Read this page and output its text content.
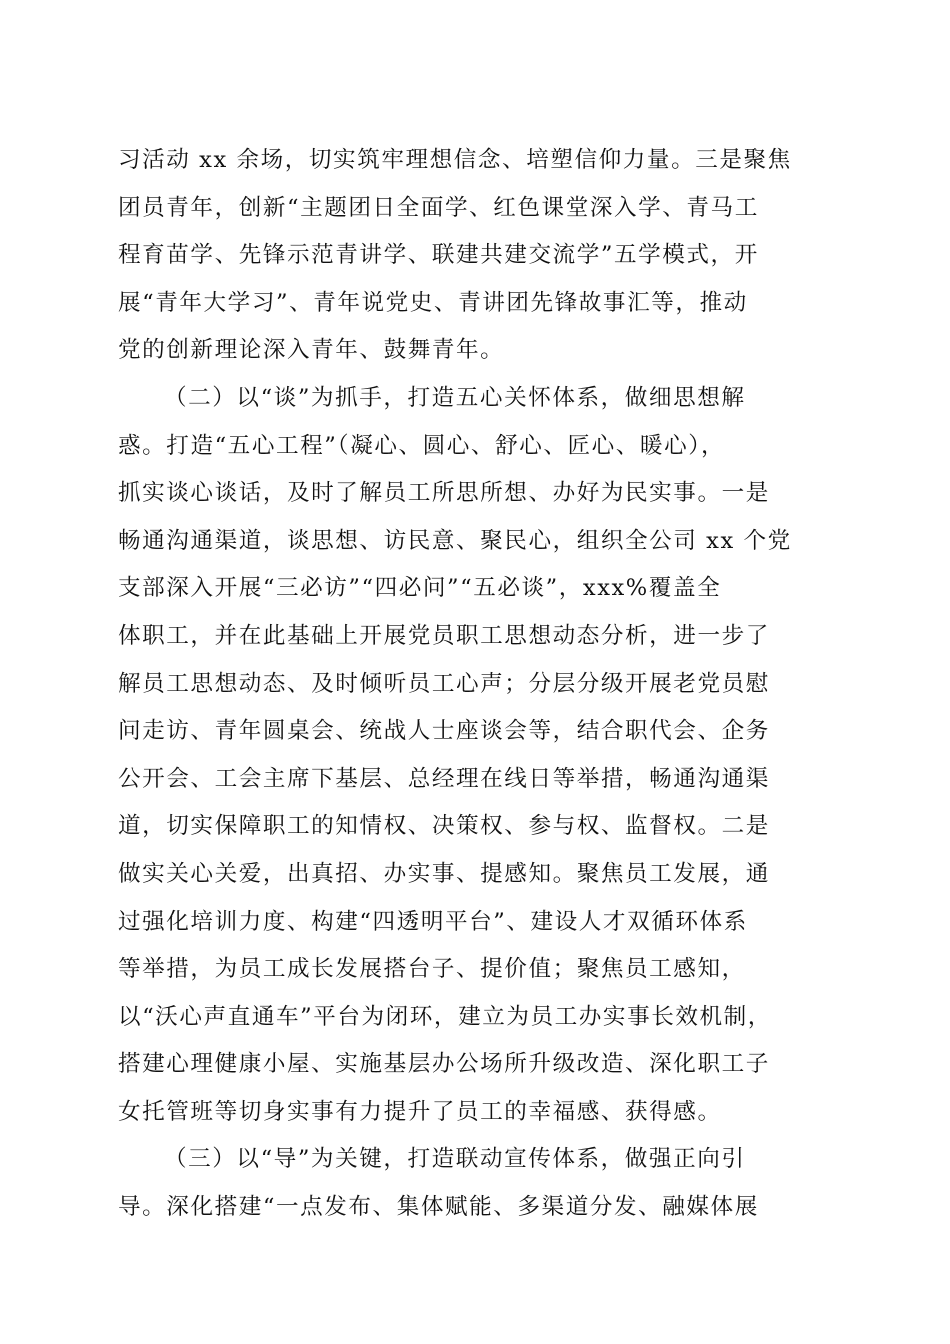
习活动 xx 余场，切实筑牢理想信念、培塑信仰力量。三是聚焦
团员青年，创新“主题团日全面学、红色课堂深入学、青马工
程育苗学、先锋示范青讲学、联建共建交流学”五学模式，开
展“青年大学习”、青年说党史、青讲团先锋故事汇等，推动
党的创新理论深入青年、鼓舞青年。
（二）以“谈”为抓手，打造五心关怀体系，做细思想解
惑。打造“五心工程”（凝心、圆心、舒心、匠心、暖心），
抓实谈心谈话，及时了解员工所思所想、办好为民实事。一是
畅通沟通渠道，谈思想、访民意、聚民心，组织全公司 xx 个党
支部深入开展“三必访”“四必问”“五必谈”，xxx%覆盖全
体职工，并在此基础上开展党员职工思想动态分析，进一步了
解员工思想动态、及时倾听员工心声；分层分级开展老党员慰
问走访、青年圆桌会、统战人士座谈会等，结合职代会、企务
公开会、工会主席下基层、总经理在线日等举措，畅通沟通渠
道，切实保障职工的知情权、决策权、参与权、监督权。二是
做实关心关爱，出真招、办实事、提感知。聚焦员工发展，通
过强化培训力度、构建“四透明平台”、建设人才双循环体系
等举措，为员工成长发展搭台子、提价值；聚焦员工感知，
以“沃心声直通车”平台为闭环，建立为员工办实事长效机制，
搭建心理健康小屋、实施基层办公场所升级改造、深化职工子
女托管班等切身实事有力提升了员工的幸福感、获得感。
（三）以“导”为关键，打造联动宣传体系，做强正向引
导。深化搭建“一点发布、集体赋能、多渠道分发、融媒体展
